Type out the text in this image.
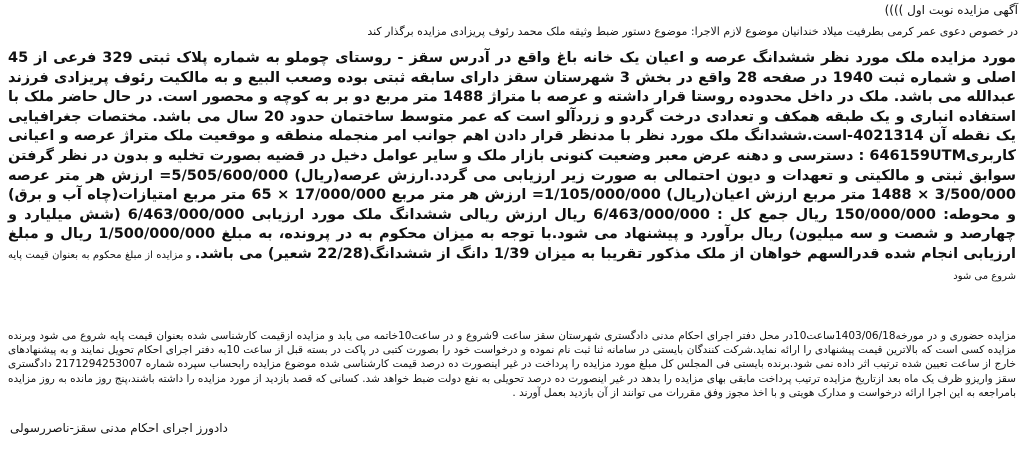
آگهی مزایده نوبت اول ))))
در خصوص دعوی عمر کرمی بطرفیت میلاد خندانیان موضوع لازم الاجرا: موضوع دستور ضبط وثیقه ملک محمد رئوف پریزادی مزایده برگذار کند
مورد مزایده ملک مورد نظر ششدانگ عرصه و اعیان یک خانه باغ واقع در آدرس سقز - روستای چوملو به شماره پلاک ثبتی 329 فرعی از 45 اصلی و شماره ثبت 1940 در صفحه 28 واقع در بخش 3 شهرستان سقز دارای سابقه ثبتی بوده وصعب البیع و به مالکیت رئوف پریزادی فرزند عبدالله می باشد. ملک در داخل محدوده روستا قرار داشته و عرصه با متراژ 1488 متر مربع دو بر به کوچه و محصور است. در حال حاضر ملک با استفاده انباری و یک طبقه همکف و تعدادی درخت گردو و زردآلو است که عمر متوسط ساختمان حدود 20 سال می باشد. مختصات جغرافیایی یک نقطه آن 4021314-است.ششدانگ ملک مورد نظر با مدنظر قرار دادن اهم جوانب امر منجمله منطقه و موقعیت ملک متراژ عرصه و اعیانی کاربری646159UTM : دسترسی و دهنه عرض معبر وضعیت کنونی بازار ملک و سایر عوامل دخیل در قضیه بصورت تخلیه و بدون در نظر گرفتن سوابق ثبتی و مالکیتی و تعهدات و دیون احتمالی به صورت زیر ارزیابی می گردد.ارزش عرصه(ریال) 5/505/600/000= ارزش هر متر عرصه 3/500/000 × 1488 متر مربع ارزش اعیان(ریال) 1/105/000/000= ارزش هر متر مربع 17/000/000 × 65 متر مربع امتیازات(چاه آب و برق) و محوطه: 150/000/000 ریال جمع کل : 6/463/000/000 ریال ارزش ریالی ششدانگ ملک مورد ارزیابی 6/463/000/000 (شش میلیارد و چهارصد و شصت و سه میلیون) ریال برآورد و پیشنهاد می شود.با توجه به میزان محکوم به در پرونده، به مبلغ 1/500/000/000 ریال و مبلغ ارزیابی انجام شده قدرالسهم خواهان از ملک مذکور تقریبا به میزان 1/39 دانگ از ششدانگ(22/28 شعیر) می باشد. و مزایده از مبلغ محکوم به بعنوان قیمت پایه شروع می شود
مزایده حضوری و در مورخه1403/06/18ساعت10در محل دفتر اجرای احکام مدنی دادگستری شهرستان سقز ساعت 9شروع و در ساعت10خاتمه می یابد و مزایده ازقیمت کارشناسی شده بعنوان قیمت پایه شروع می شود وبرنده مزایده کسی است که بالاترین قیمت پیشنهادی را ارائه نماید.شرکت کنندگان بایستی در سامانه ثنا ثبت نام نموده و درخواست خود را بصورت کتبی در پاکت در بسته قبل از ساعت 10به دفتر اجرای احکام تحویل نمایند و به پیشنهادهای خارج از ساعت تعیین شده ترتیب اثر داده نمی شود.برنده بایستی فی المجلس کل مبلغ مورد مزایده را پرداخت در غیر اینصورت ده درصد قیمت کارشناسی شده موضوع مزایده رابحساب سپرده شماره 2171294253007 دادگستری سقز واریزو ظرف یک ماه بعد ازتاریخ مزایده ترتیب پرداخت مابقی بهای مزایده را بدهد در غیر اینصورت ده درصد تحویلی به نفع دولت ضبط خواهد شد. کسانی که قصد بازدید از مورد مزایده را داشته باشند،پنج روز مانده به روز مزایده بامراجعه به این اجرا ارائه درخواست و مدارک هویتی و با اخذ مجوز وفق مقررات می توانند از آن بازدید بعمل آورند .
دادورز اجرای احکام مدنی سقز-ناصررسولی
